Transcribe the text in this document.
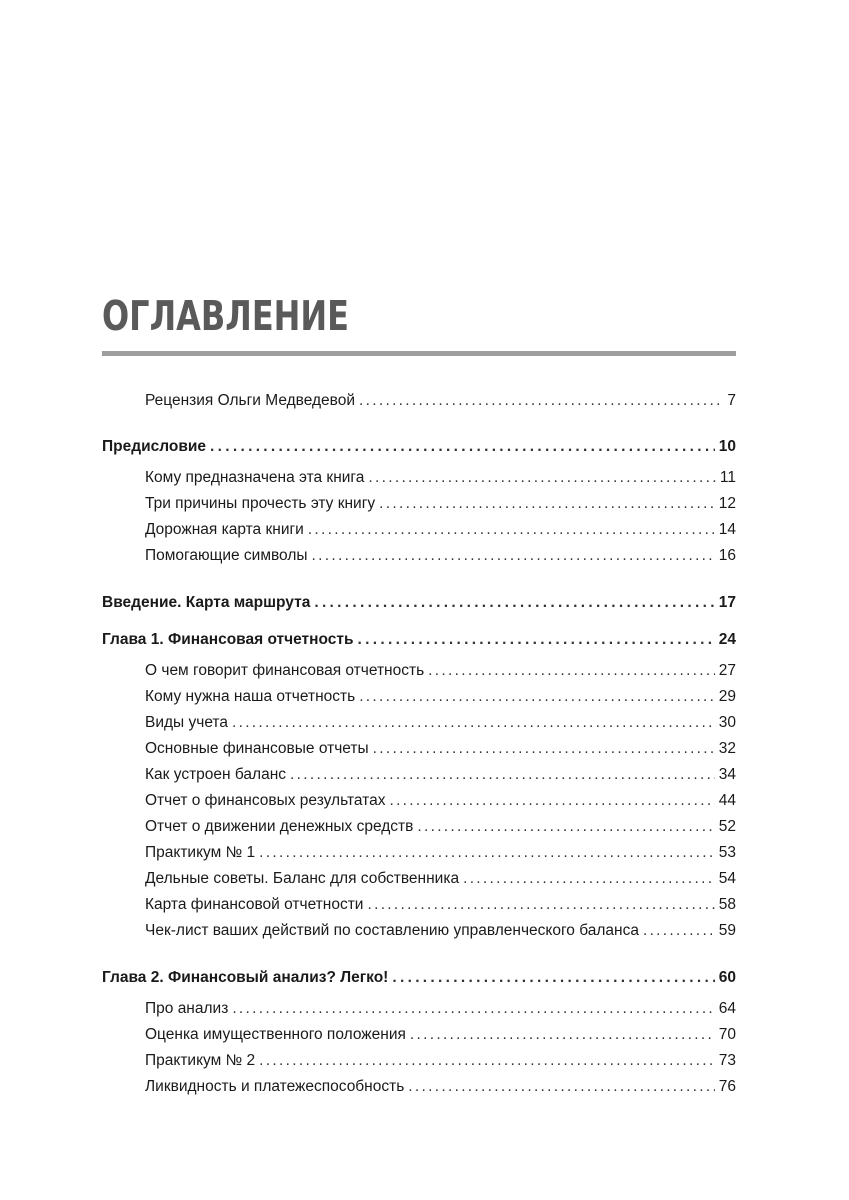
ОГЛАВЛЕНИЕ
Рецензия Ольги Медведевой . . .	7
Предисловие . . .	10
Кому предназначена эта книга . . .	11
Три причины прочесть эту книгу . . .	12
Дорожная карта книги . . .	14
Помогающие символы . . .	16
Введение. Карта маршрута . . .	17
Глава 1. Финансовая отчетность . . .	24
О чем говорит финансовая отчетность . . .	27
Кому нужна наша отчетность . . .	29
Виды учета . . .	30
Основные финансовые отчеты . . .	32
Как устроен баланс . . .	34
Отчет о финансовых результатах . . .	44
Отчет о движении денежных средств . . .	52
Практикум № 1 . . .	53
Дельные советы. Баланс для собственника . . .	54
Карта финансовой отчетности . . .	58
Чек-лист ваших действий по составлению управленческого баланса . . .	59
Глава 2. Финансовый анализ? Легко! . . .	60
Про анализ . . .	64
Оценка имущественного положения . . .	70
Практикум № 2 . . .	73
Ликвидность и платежеспособность . . .	76
